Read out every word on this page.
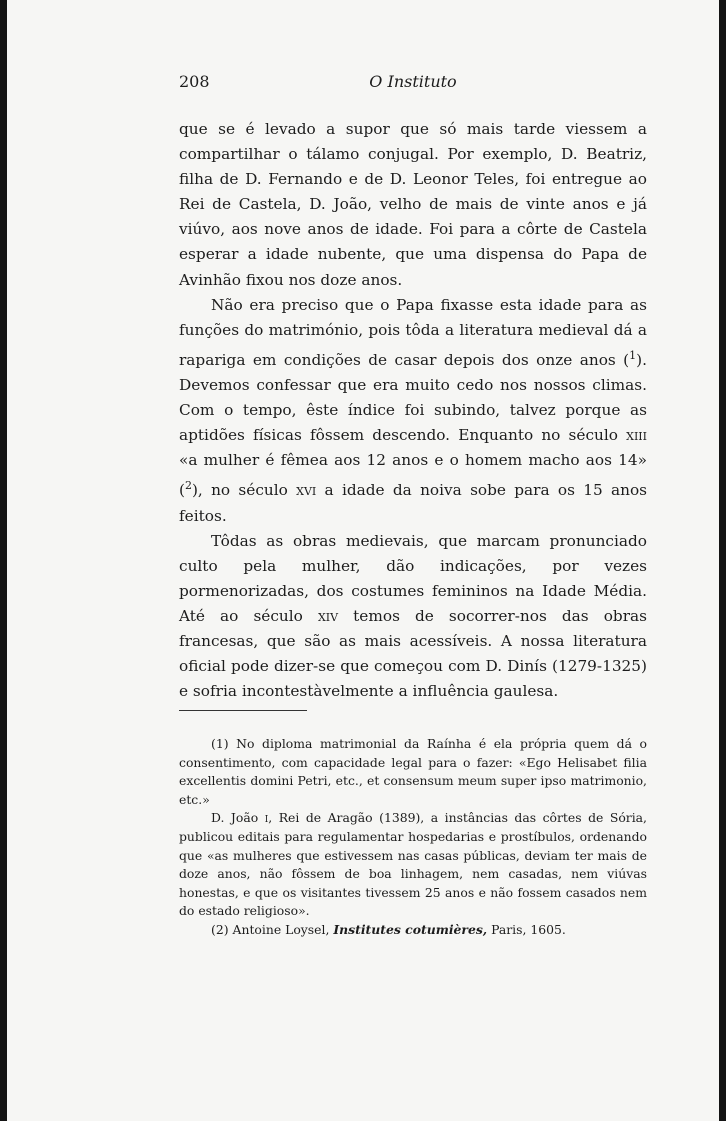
208	O Instituto

que se é levado a supor que só mais tarde viessem a compartilhar o tálamo conjugal. Por exemplo, D. Beatriz, filha de D. Fernando e de D. Leonor Teles, foi entregue ao Rei de Castela, D. João, velho de mais de vinte anos e já viúvo, aos nove anos de idade. Foi para a côrte de Castela esperar a idade nubente, que uma dispensa do Papa de Avinhão fixou nos doze anos.

Não era preciso que o Papa fixasse esta idade para as funções do matrimónio, pois tôda a literatura medieval dá a rapariga em condições de casar depois dos onze anos ($^1$). Devemos confessar que era muito cedo nos nossos climas. Com o tempo, êste índice foi subindo, talvez porque as aptidões físicas fôssem descendo. Enquanto no século xiii «a mulher é fêmea aos 12 anos e o homem macho aos 14» ($^2$), no século xvi a idade da noiva sobe para os 15 anos feitos.

Tôdas as obras medievais, que marcam pronunciado culto pela mulher, dão indicações, por vezes pormenorizadas, dos costumes femininos na Idade Média. Até ao século xiv temos de socorrer-nos das obras francesas, que são as mais acessíveis. A nossa literatura oficial pode dizer-se que começou com D. Dinís (1279-1325) e sofria incontestàvelmente a influência gaulesa.

(1) No diploma matrimonial da Raínha é ela própria quem dá o consentimento, com capacidade legal para o fazer: «Ego Helisabet filia excellentis domini Petri, etc., et consensum meum super ipso matrimonio, etc.»

D. João i, Rei de Aragão (1389), a instâncias das côrtes de Sória, publicou editais para regulamentar hospedarias e prostíbulos, ordenando que «as mulheres que estivessem nas casas públicas, deviam ter mais de doze anos, não fôssem de boa linhagem, nem casadas, nem viúvas honestas, e que os visitantes tivessem 25 anos e não fossem casados nem do estado religioso».

(2) Antoine Loysel, Institutes cotumières, Paris, 1605.
